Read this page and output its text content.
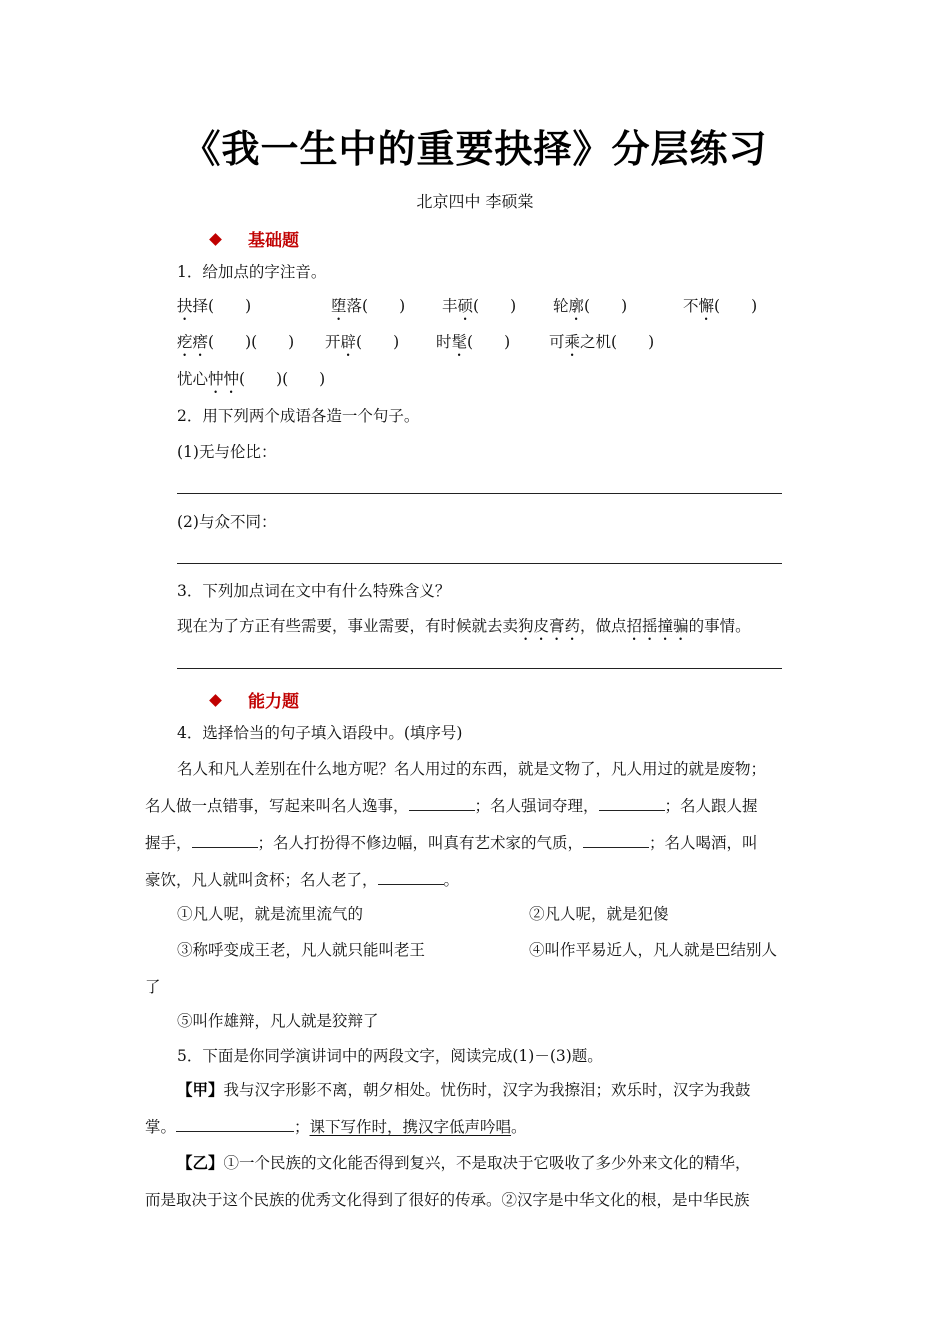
《我一生中的重要抉择》分层练习
北京四中 李硕棠
基础题
1．给加点的字注音。
抉择(　　)	堕落(　　) 丰硕(　　) 轮廓(　　)	不懈(　　)
疙瘩(　　)(　　) 开辟(　　) 时髦(　　)	可乘之机(　　)
忧心忡忡(　　)(　　)
2．用下列两个成语各造一个句子。
(1)无与伦比：
(2)与众不同：
3．下列加点词在文中有什么特殊含义？
现在为了方正有些需要，事业需要，有时候就去卖狗皮膏药，做点招摇撞骗的事情。
能力题
4．选择恰当的句子填入语段中。(填序号)
名人和凡人差别在什么地方呢？名人用过的东西，就是文物了，凡人用过的就是废物；
名人做一点错事，写起来叫名人逸事，	；名人强词夺理，	；名人跟人握
握手，	；名人打扮得不修边幅，叫真有艺术家的气质，	；名人喝酒，叫
豪饮，凡人就叫贪杯；名人老了，	。
①凡人呢，就是流里流气的	②凡人呢，就是犯傻
③称呼变成王老，凡人就只能叫老王	④叫作平易近人，凡人就是巴结别人
了
⑤叫作雄辩，凡人就是狡辩了
5．下面是你同学演讲词中的两段文字，阅读完成(1)－(3)题。
【甲】我与汉字形影不离，朝夕相处。忧伤时，汉字为我擦泪；欢乐时，汉字为我鼓
掌。	；课下写作时，携汉字低声吟唱。
【乙】①一个民族的文化能否得到复兴，不是取决于它吸收了多少外来文化的精华，
而是取决于这个民族的优秀文化得到了很好的传承。②汉字是中华文化的根，是中华民族
